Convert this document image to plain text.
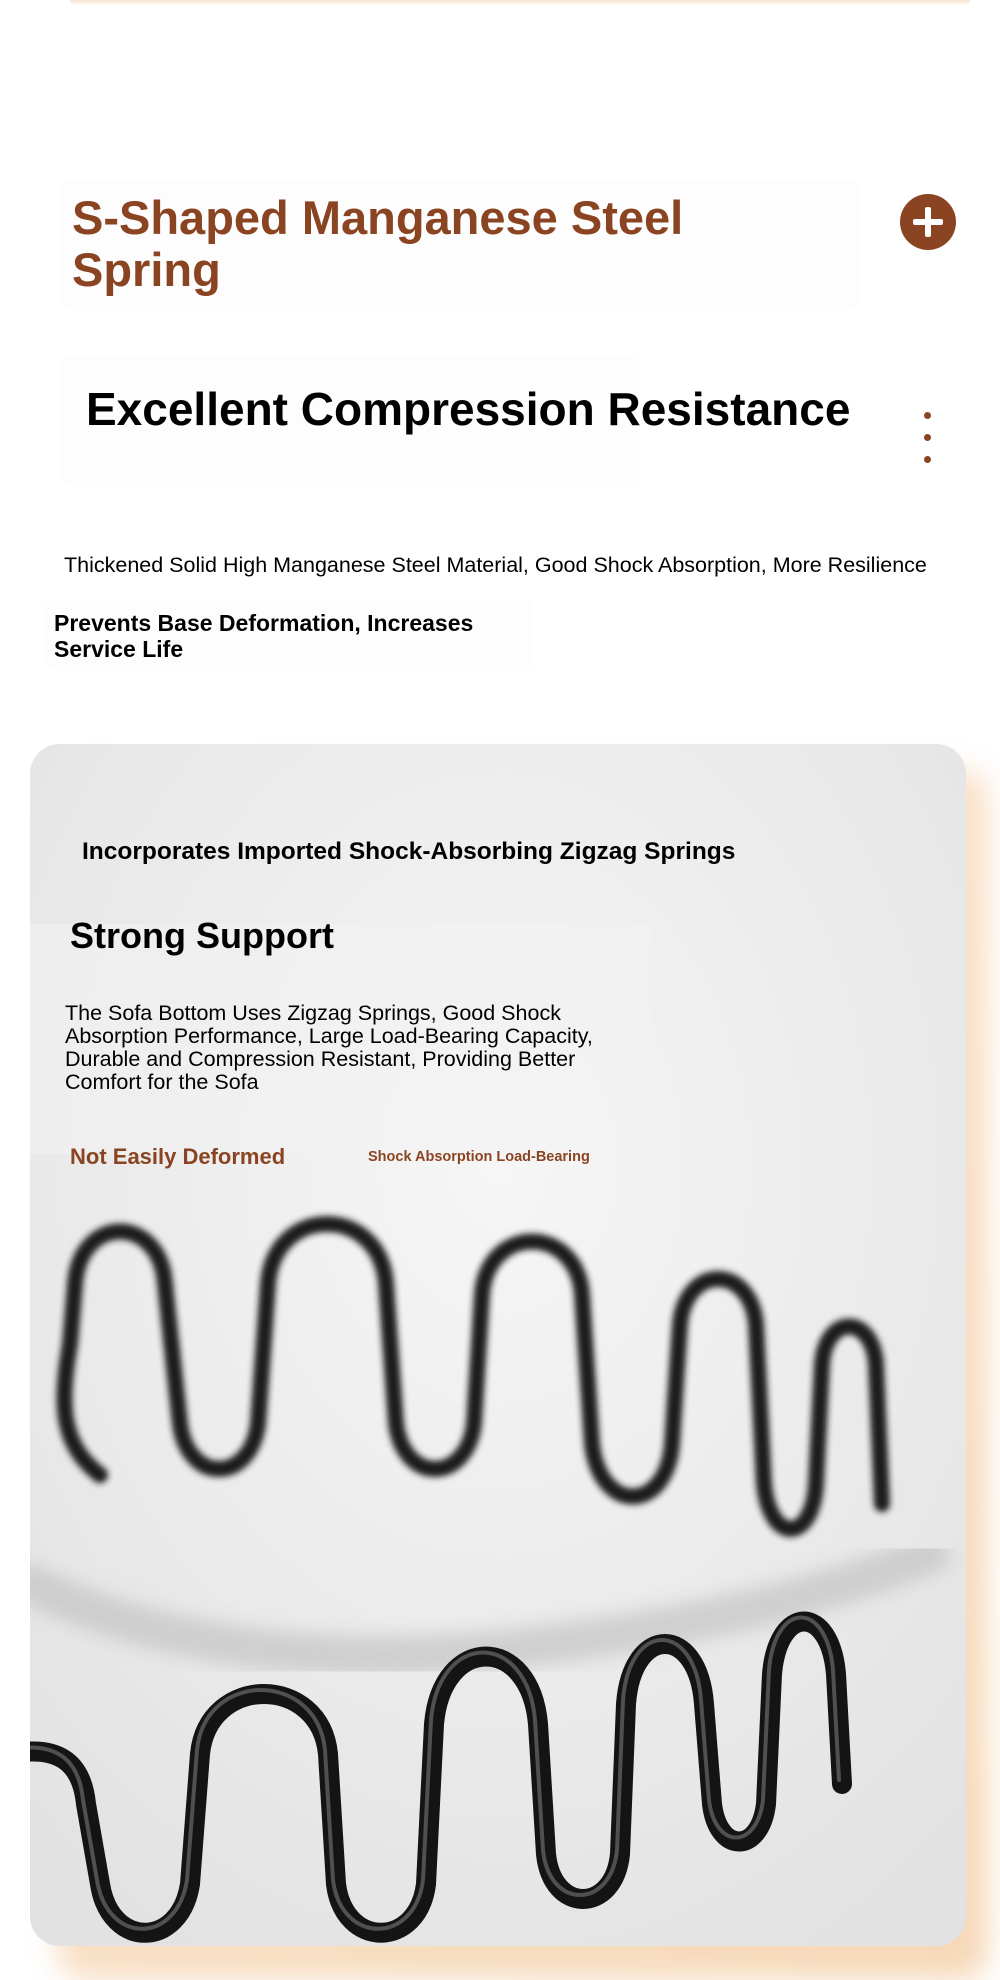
S-Shaped Manganese Steel Spring
Excellent Compression Resistance

Thickened Solid High Manganese Steel Material, Good Shock Absorption, More Resilience

Prevents Base Deformation, Increases Service Life

Incorporates Imported Shock-Absorbing Zigzag Springs
Strong Support

The Sofa Bottom Uses Zigzag Springs, Good Shock Absorption Performance, Large Load-Bearing Capacity, Durable and Compression Resistant, Providing Better Comfort for the Sofa

Not Easily Deformed	Shock Absorption Load-Bearing
